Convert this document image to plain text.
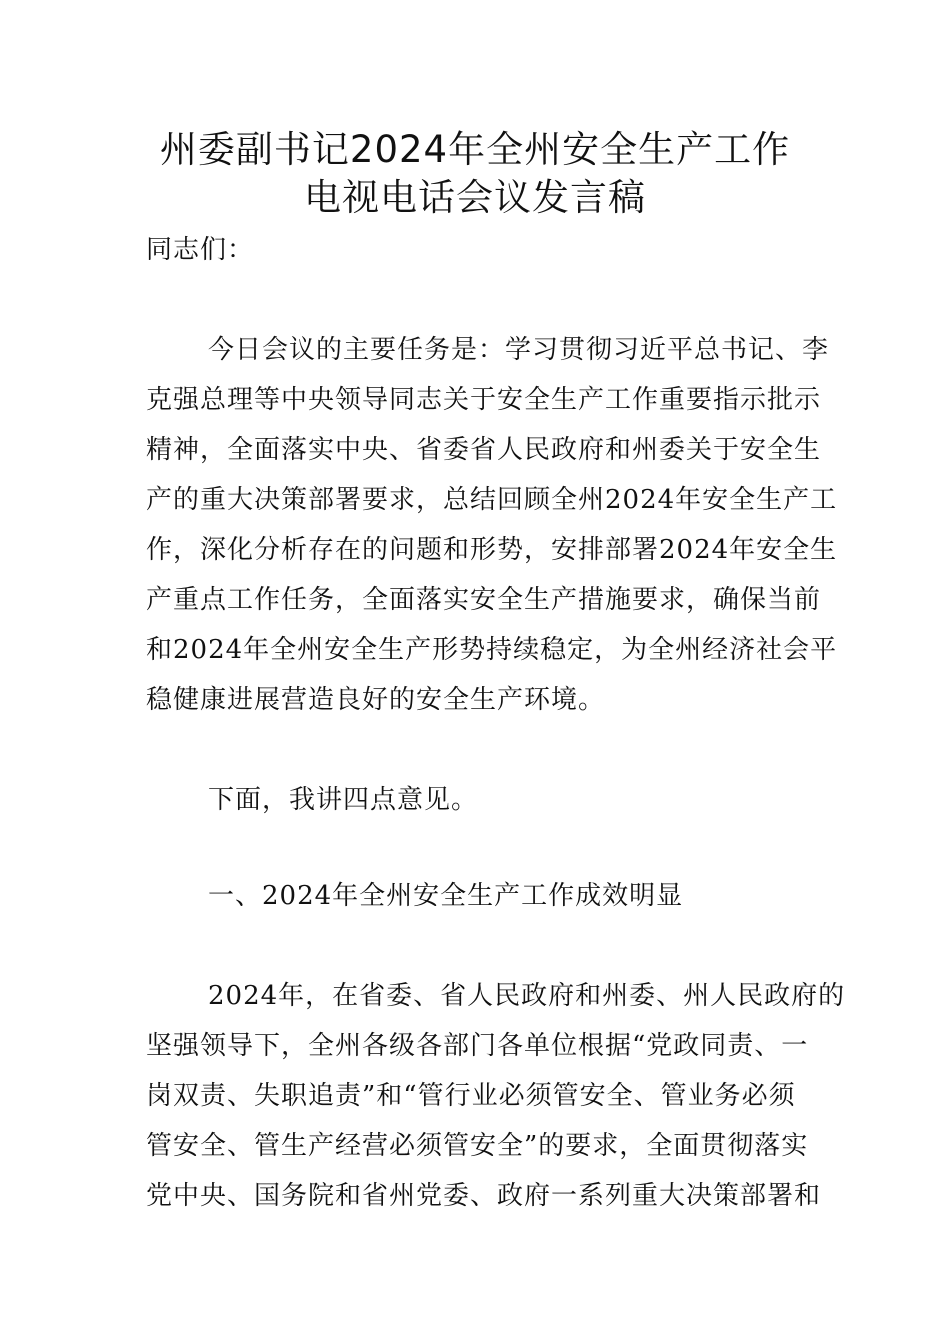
州委副书记2024年全州安全生产工作
电视电话会议发言稿
同志们：
今日会议的主要任务是：学习贯彻习近平总书记、李
克强总理等中央领导同志关于安全生产工作重要指示批示
精神，全面落实中央、省委省人民政府和州委关于安全生
产的重大决策部署要求，总结回顾全州2024年安全生产工
作，深化分析存在的问题和形势，安排部署2024年安全生
产重点工作任务，全面落实安全生产措施要求，确保当前
和2024年全州安全生产形势持续稳定，为全州经济社会平
稳健康进展营造良好的安全生产环境。
下面，我讲四点意见。
一、2024年全州安全生产工作成效明显
2024年，在省委、省人民政府和州委、州人民政府的
坚强领导下，全州各级各部门各单位根据“党政同责、一
岗双责、失职追责”和“管行业必须管安全、管业务必须
管安全、管生产经营必须管安全”的要求，全面贯彻落实
党中央、国务院和省州党委、政府一系列重大决策部署和
